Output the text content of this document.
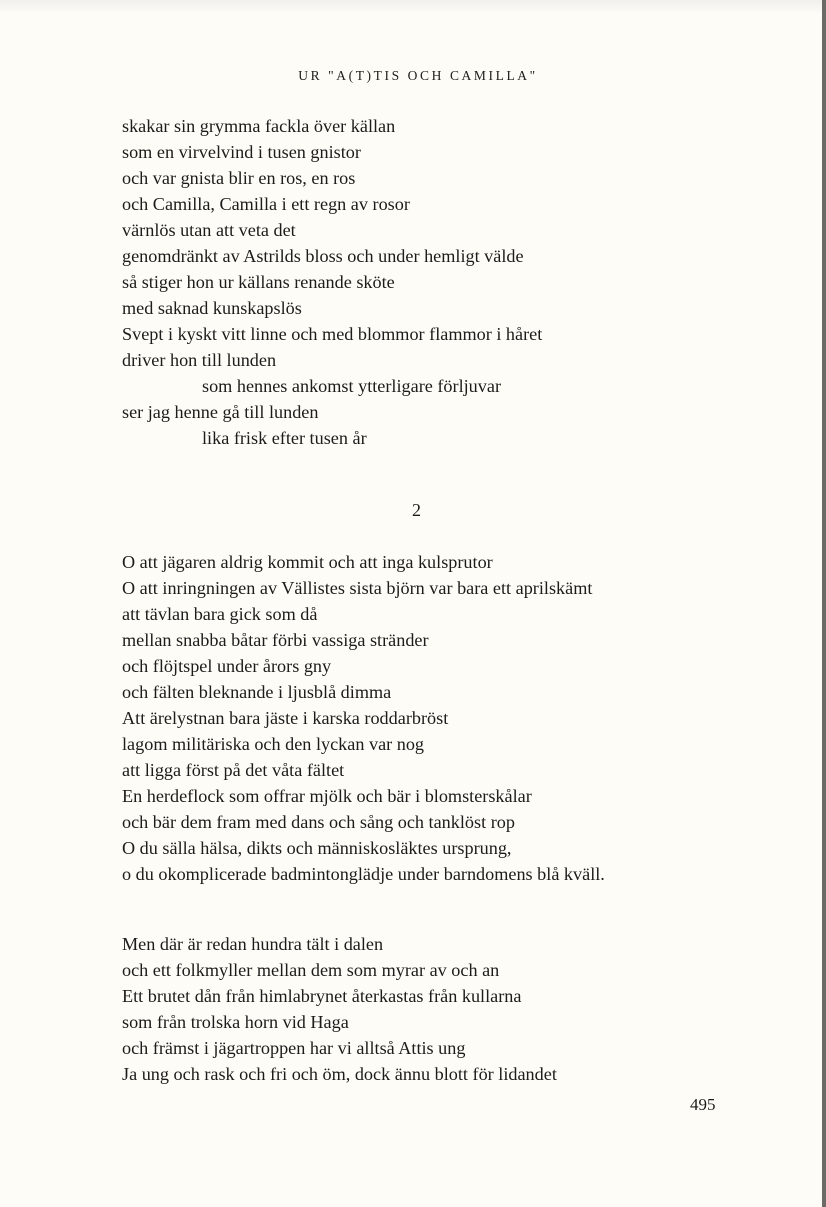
UR "A(T)TIS OCH CAMILLA"
skakar sin grymma fackla över källan
som en virvelvind i tusen gnistor
och var gnista blir en ros, en ros
och Camilla, Camilla i ett regn av rosor
värnlös utan att veta det
genomdränkt av Astrilds bloss och under hemligt välde
så stiger hon ur källans renande sköte
med saknad kunskapslös
Svept i kyskt vitt linne och med blommor flammor i håret
driver hon till lunden
som hennes ankomst ytterligare förljuvar
ser jag henne gå till lunden
lika frisk efter tusen år
2
O att jägaren aldrig kommit och att inga kulsprutor
O att inringningen av Vällistes sista björn var bara ett aprilskämt
att tävlan bara gick som då
mellan snabba båtar förbi vassiga stränder
och flöjtspel under årors gny
och fälten bleknande i ljusblå dimma
Att ärelystnan bara jäste i karska roddarbröst
lagom militäriska och den lyckan var nog
att ligga först på det våta fältet
En herdeflock som offrar mjölk och bär i blomsterskålar
och bär dem fram med dans och sång och tanklöst rop
O du sälla hälsa, dikts och människosläktes ursprung,
o du okomplicerade badmintonglädje under barndomens blå kväll.
Men där är redan hundra tält i dalen
och ett folkmyller mellan dem som myrar av och an
Ett brutet dån från himlabrynet återkastas från kullarna
som från trolska horn vid Haga
och främst i jägartroppen har vi alltså Attis ung
Ja ung och rask och fri och öm, dock ännu blott för lidandet
495
